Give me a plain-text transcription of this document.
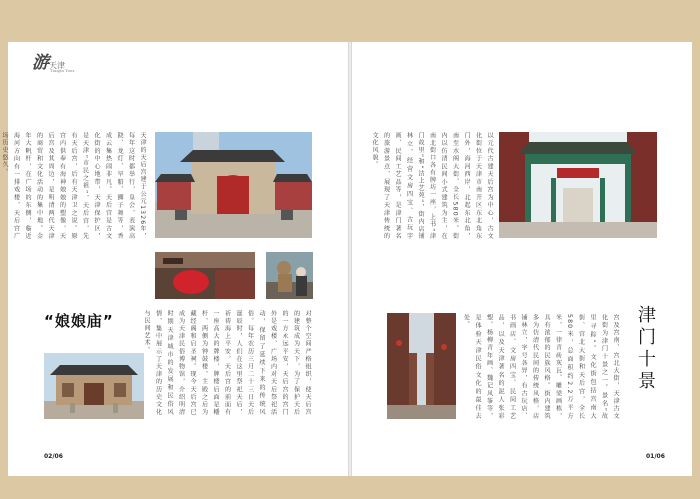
游天津
Tianjin Tour
天津的天后宫建于公元1326年，每年这时都举行，皇会，表演高跷、龙灯、旱船、狮子舞等，香成云集热闹非凡。天后宫是古文化街的中心地带，天津保护区，是天津“市民之祖”，天后宫，先有天后宫，后有天津卫之说。原宫内供奉有海神娘娘的塑像，天后宫及其周边，是明清两代天津的商贸和文化活动的集中地。金年大帆杆，在广场的东侧，临近海河方向有一排戏楼，天后宫广场历史悠久。
对整个空间严格组织，使天后宫的建筑成为天下，为了保护天后的一方永远平安，天后宫的宫门外是戏楼，广场内对天后祭祀活动，保留了延续下来的传统风俗。每年农历三月二十三日天后诞辰时，人们在这里祭祀天后，祈祷海上平安。天后宫的前面有一座高大的牌楼，牌楼后面是幡杆，两侧为钟鼓楼，主殿之后为藏经阁和启圣祠。现今天后宫已成为天津民俗博物馆，介绍明清时期天津城市的发展和民俗风情，集中展示了天津的历史文化与民间艺术。
“娘娘庙”
02/06
以元代古建天后宫为中心，古文化街位于天津市南开区东北角东门外，海河西岸，北起东北角，南至水阁大街，全长580米。街内以仿清民间小式建筑为主，在南北街口各有牌坊一座，上书“津门故里”和“沽上艺苑”，街内店铺林立，经营文房四宝、古玩字画、民间工艺品等，是津门著名的旅游景点，展现了天津传统的文化风貌。
宫及宫南、宫北大街，天津古文化街为津门十景之一。景名“故里寻踪”。文化街包括宫南大街、宫北大街和天后宫，全长580米，总面积约2.2万平方米，一律青砖灰瓦、雕梁画栋，具有浓郁的民族风格。街内建筑多为仿清代民间的传统风格，店铺林立，字号各异，有古玩店、书画店、文房四宝、民间工艺品，以及天津著名的泥人张彩塑、杨柳青年画、魏记风筝等，是体验天津民俗文化的最佳去处。	津门十景
01/06
